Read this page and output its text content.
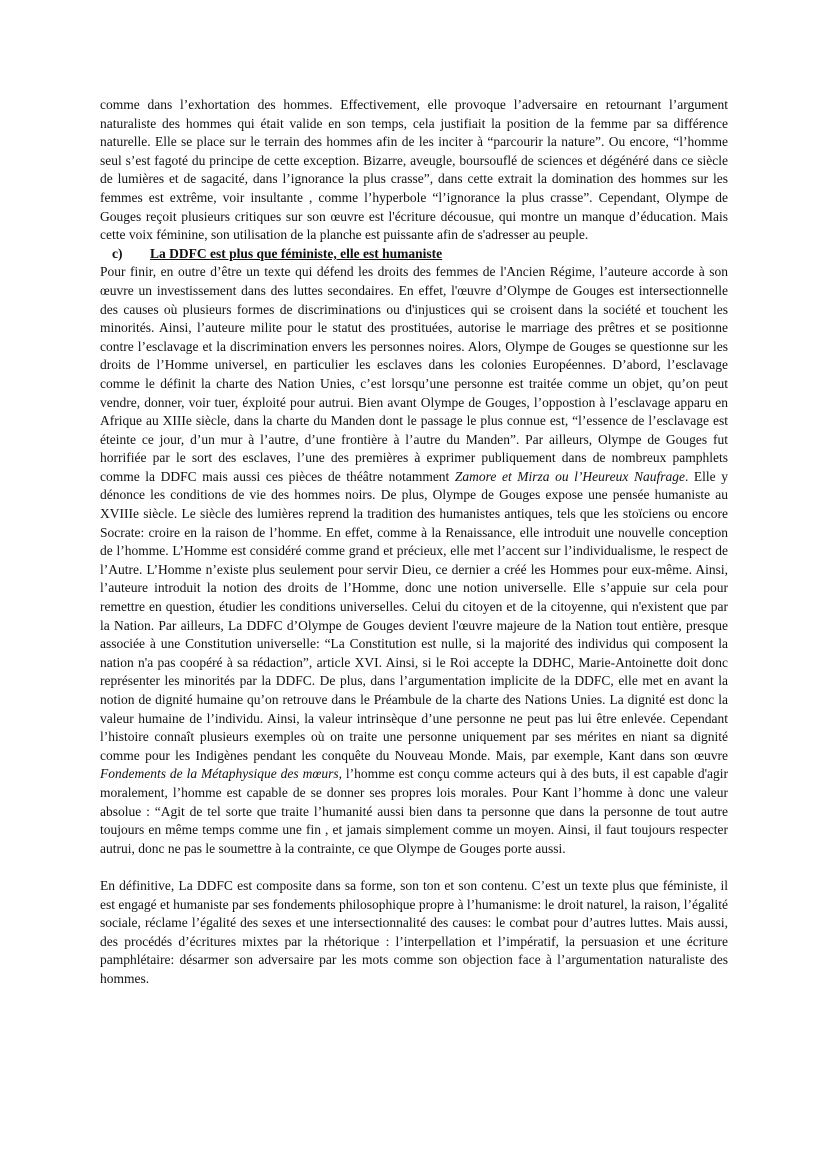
comme dans l’exhortation des hommes. Effectivement, elle provoque l’adversaire en retournant l’argument naturaliste des hommes qui était valide en son temps, cela justifiait la position de la femme par sa différence naturelle. Elle se place sur le terrain des hommes afin de les inciter à “parcourir la nature”. Ou encore, “l’homme seul s’est fagoté du principe de cette exception. Bizarre, aveugle, boursouflé de sciences et dégénéré dans ce siècle de lumières et de sagacité, dans l’ignorance la plus crasse”, dans cette extrait la domination des hommes sur les femmes est extrême, voir insultante , comme l’hyperbole “l’ignorance la plus crasse”. Cependant, Olympe de Gouges reçoit plusieurs critiques sur son œuvre est l'écriture décousue, qui montre un manque d’éducation. Mais cette voix féminine, son utilisation de la planche est puissante afin de s'adresser au peuple.

c) La DDFC est plus que féministe, elle est humaniste

Pour finir, en outre d’être un texte qui défend les droits des femmes de l'Ancien Régime, l’auteure accorde à son œuvre un investissement dans des luttes secondaires. En effet, l'œuvre d’Olympe de Gouges est intersectionnelle des causes où plusieurs formes de discriminations ou d'injustices qui se croisent dans la société et touchent les minorités. Ainsi, l’auteure milite pour le statut des prostituées, autorise le marriage des prêtres et se positionne contre l’esclavage et la discrimination envers les personnes noires. Alors, Olympe de Gouges se questionne sur les droits de l’Homme universel, en particulier les esclaves dans les colonies Européennes. D’abord, l’esclavage comme le définit la charte des Nation Unies, c’est lorsqu’une personne est traitée comme un objet, qu’on peut vendre, donner, voir tuer, éxploité pour autrui. Bien avant Olympe de Gouges, l’oppostion à l’esclavage apparu en Afrique au XIIIe siècle, dans la charte du Manden dont le passage le plus connue est, “l’essence de l’esclavage est éteinte ce jour, d’un mur à l’autre, d’une frontière à l’autre du Manden”. Par ailleurs, Olympe de Gouges fut horrifiée par le sort des esclaves, l’une des premières à exprimer publiquement dans de nombreux pamphlets comme la DDFC mais aussi ces pièces de théâtre notamment Zamore et Mirza ou l’Heureux Naufrage. Elle y dénonce les conditions de vie des hommes noirs. De plus, Olympe de Gouges expose une pensée humaniste au XVIIIe siècle. Le siècle des lumières reprend la tradition des humanistes antiques, tels que les stoïciens ou encore Socrate: croire en la raison de l’homme. En effet, comme à la Renaissance, elle introduit une nouvelle conception de l’homme. L’Homme est considéré comme grand et précieux, elle met l’accent sur l’individualisme, le respect de l’Autre. L’Homme n’existe plus seulement pour servir Dieu, ce dernier a créé les Hommes pour eux-même. Ainsi, l’auteure introduit la notion des droits de l’Homme, donc une notion universelle. Elle s’appuie sur cela pour remettre en question, étudier les conditions universelles. Celui du citoyen et de la citoyenne, qui n'existent que par la Nation. Par ailleurs, La DDFC d’Olympe de Gouges devient l'œuvre majeure de la Nation tout entière, presque associée à une Constitution universelle: “La Constitution est nulle, si la majorité des individus qui composent la nation n'a pas coopéré à sa rédaction”, article XVI. Ainsi, si le Roi accepte la DDHC, Marie-Antoinette doit donc représenter les minorités par la DDFC. De plus, dans l’argumentation implicite de la DDFC, elle met en avant la notion de dignité humaine qu’on retrouve dans le Préambule de la charte des Nations Unies. La dignité est donc la valeur humaine de l’individu. Ainsi, la valeur intrinsèque d’une personne ne peut pas lui être enlevée. Cependant l’histoire connaît plusieurs exemples où on traite une personne uniquement par ses mérites en niant sa dignité comme pour les Indigènes pendant les conquête du Nouveau Monde. Mais, par exemple, Kant dans son œuvre Fondements de la Métaphysique des mœurs, l’homme est conçu comme acteurs qui à des buts, il est capable d'agir moralement, l’homme est capable de se donner ses propres lois morales. Pour Kant l’homme à donc une valeur absolue : “Agit de tel sorte que traite l’humanité aussi bien dans ta personne que dans la personne de tout autre toujours en même temps comme une fin , et jamais simplement comme un moyen. Ainsi, il faut toujours respecter autrui, donc ne pas le soumettre à la contrainte, ce que Olympe de Gouges porte aussi.

En définitive, La DDFC est composite dans sa forme, son ton et son contenu. C’est un texte plus que féministe, il est engagé et humaniste par ses fondements philosophique propre à l’humanisme: le droit naturel, la raison, l’égalité sociale, réclame l’égalité des sexes et une intersectionnalité des causes: le combat pour d’autres luttes. Mais aussi, des procédés d’écritures mixtes par la rhétorique : l’interpellation et l’impératif, la persuasion et une écriture pamphlétaire: désarmer son adversaire par les mots comme son objection face à l’argumentation naturaliste des hommes.
